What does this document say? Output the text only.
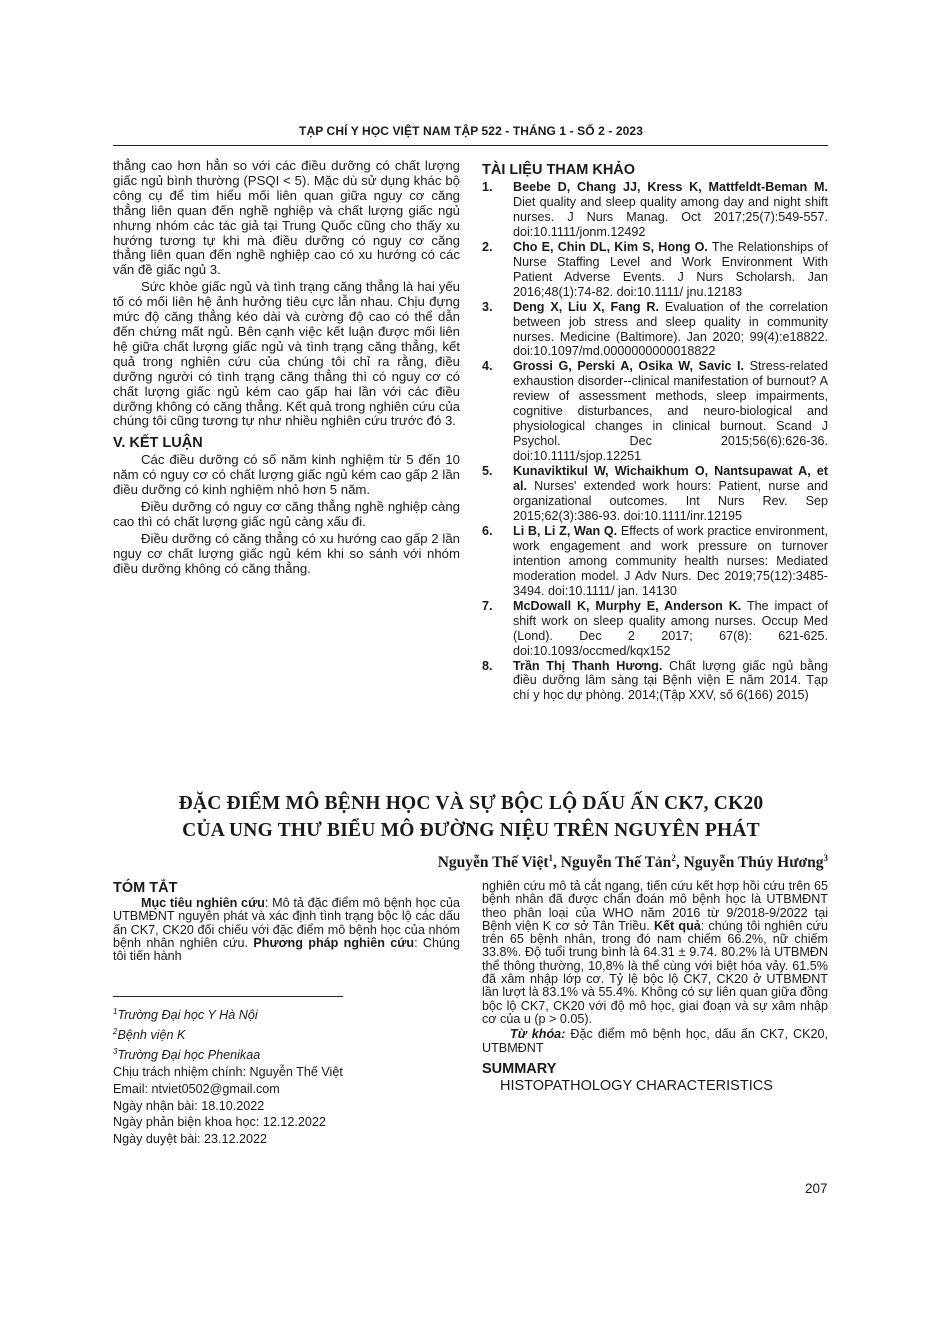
TẠP CHÍ Y HỌC VIỆT NAM TẬP 522 - THÁNG 1 - SỐ 2 - 2023

thẳng cao hơn hẳn so với các điều dưỡng có chất lượng giấc ngủ bình thường (PSQI < 5). Mặc dù sử dụng khác bộ công cụ để tìm hiểu mối liên quan giữa nguy cơ căng thẳng liên quan đến nghề nghiệp và chất lượng giấc ngủ nhưng nhóm các tác giả tại Trung Quốc cũng cho thấy xu hướng tương tự khi mà điều dưỡng có nguy cơ căng thẳng liên quan đến nghề nghiệp cao có xu hướng có các vấn đề giấc ngủ 3.

Sức khỏe giấc ngủ và tình trạng căng thẳng là hai yếu tố có mối liên hệ ảnh hưởng tiêu cực lẫn nhau. Chịu đựng mức độ căng thẳng kéo dài và cường độ cao có thể dẫn đến chứng mất ngủ. Bên cạnh việc kết luận được mối liên hệ giữa chất lượng giấc ngủ và tình trạng căng thẳng, kết quả trong nghiên cứu của chúng tôi chỉ ra rằng, điều dưỡng người có tình trạng căng thẳng thì có nguy cơ có chất lượng giấc ngủ kém cao gấp hai lần với các điều dưỡng không có căng thẳng. Kết quả trong nghiên cứu của chúng tôi cũng tương tự như nhiều nghiên cứu trước đó 3.

V. KẾT LUẬN

Các điều dưỡng có số năm kinh nghiệm từ 5 đến 10 năm có nguy cơ có chất lượng giấc ngủ kém cao gấp 2 lần điều dưỡng có kinh nghiệm nhỏ hơn 5 năm.

Điều dưỡng có nguy cơ căng thẳng nghề nghiệp càng cao thì có chất lượng giấc ngủ càng xấu đi.

Điều dưỡng có căng thẳng có xu hướng cao gấp 2 lần nguy cơ chất lượng giấc ngủ kém khi so sánh với nhóm điều dưỡng không có căng thẳng.

TÀI LIỆU THAM KHẢO

1. Beebe D, Chang JJ, Kress K, Mattfeldt-Beman M. Diet quality and sleep quality among day and night shift nurses. J Nurs Manag. Oct 2017;25(7):549-557. doi:10.1111/jonm.12492
2. Cho E, Chin DL, Kim S, Hong O. The Relationships of Nurse Staffing Level and Work Environment With Patient Adverse Events. J Nurs Scholarsh. Jan 2016;48(1):74-82. doi:10.1111/ jnu.12183
3. Deng X, Liu X, Fang R. Evaluation of the correlation between job stress and sleep quality in community nurses. Medicine (Baltimore). Jan 2020; 99(4):e18822. doi:10.1097/md.0000000000018822
4. Grossi G, Perski A, Osika W, Savic I. Stress-related exhaustion disorder--clinical manifestation of burnout? A review of assessment methods, sleep impairments, cognitive disturbances, and neuro-biological and physiological changes in clinical burnout. Scand J Psychol. Dec 2015;56(6):626-36. doi:10.1111/sjop.12251
5. Kunaviktikul W, Wichaikhum O, Nantsupawat A, et al. Nurses' extended work hours: Patient, nurse and organizational outcomes. Int Nurs Rev. Sep 2015;62(3):386-93. doi:10.1111/inr.12195
6. Li B, Li Z, Wan Q. Effects of work practice environment, work engagement and work pressure on turnover intention among community health nurses: Mediated moderation model. J Adv Nurs. Dec 2019;75(12):3485-3494. doi:10.1111/ jan. 14130
7. McDowall K, Murphy E, Anderson K. The impact of shift work on sleep quality among nurses. Occup Med (Lond). Dec 2 2017; 67(8): 621-625. doi:10.1093/occmed/kqx152
8. Trần Thị Thanh Hương. Chất lượng giấc ngủ bằng điều dưỡng lâm sàng tại Bệnh viện E năm 2014. Tạp chí y học dự phòng. 2014;(Tập XXV, số 6(166) 2015)
ĐẶC ĐIỂM MÔ BỆNH HỌC VÀ SỰ BỘC LỘ DẤU ẤN CK7, CK20
CỦA UNG THƯ BIỂU MÔ ĐƯỜNG NIỆU TRÊN NGUYÊN PHÁT
Nguyễn Thế Việt$^1$, Nguyễn Thế Tản$^2$, Nguyễn Thúy Hương$^3$
TÓM TẮT

Mục tiêu nghiên cứu: Mô tả đặc điểm mô bệnh học của UTBMĐNT nguyên phát và xác định tình trạng bộc lộ các dấu ấn CK7, CK20 đối chiếu với đặc điểm mô bệnh học của nhóm bệnh nhân nghiên cứu. Phương pháp nghiên cứu: Chúng tôi tiến hành

$^1$Trường Đại học Y Hà Nội

$^2$Bệnh viện K

$^3$Trường Đại học Phenikaa

Chịu trách nhiệm chính: Nguyễn Thế Việt

Email: ntviet0502@gmail.com

Ngày nhận bài: 18.10.2022

Ngày phản biện khoa học: 12.12.2022

Ngày duyệt bài: 23.12.2022

nghiên cứu mô tả cắt ngang, tiến cứu kết hợp hồi cứu trên 65 bệnh nhân đã được chẩn đoán mô bệnh học là UTBMĐNT theo phân loại của WHO năm 2016 từ 9/2018-9/2022 tại Bệnh viện K cơ sở Tân Triều. Kết quả: chúng tôi nghiên cứu trên 65 bệnh nhân, trong đó nam chiếm 66.2%, nữ chiếm 33.8%. Độ tuổi trung bình là 64.31 ± 9.74. 80.2% là UTBMĐN thể thông thường, 10,8% là thể cùng với biệt hóa vảy. 61.5% đã xâm nhập lớp cơ. Tỷ lệ bộc lộ CK7, CK20 ở UTBMĐNT lần lượt là 83.1% và 55.4%. Không có sự liên quan giữa đồng bộc lộ CK7, CK20 với độ mô học, giai đoạn và sự xâm nhập cơ của u (p > 0.05).

Từ khóa: Đặc điểm mô bệnh học, dấu ấn CK7, CK20, UTBMĐNT

SUMMARY
HISTOPATHOLOGY CHARACTERISTICS
207
